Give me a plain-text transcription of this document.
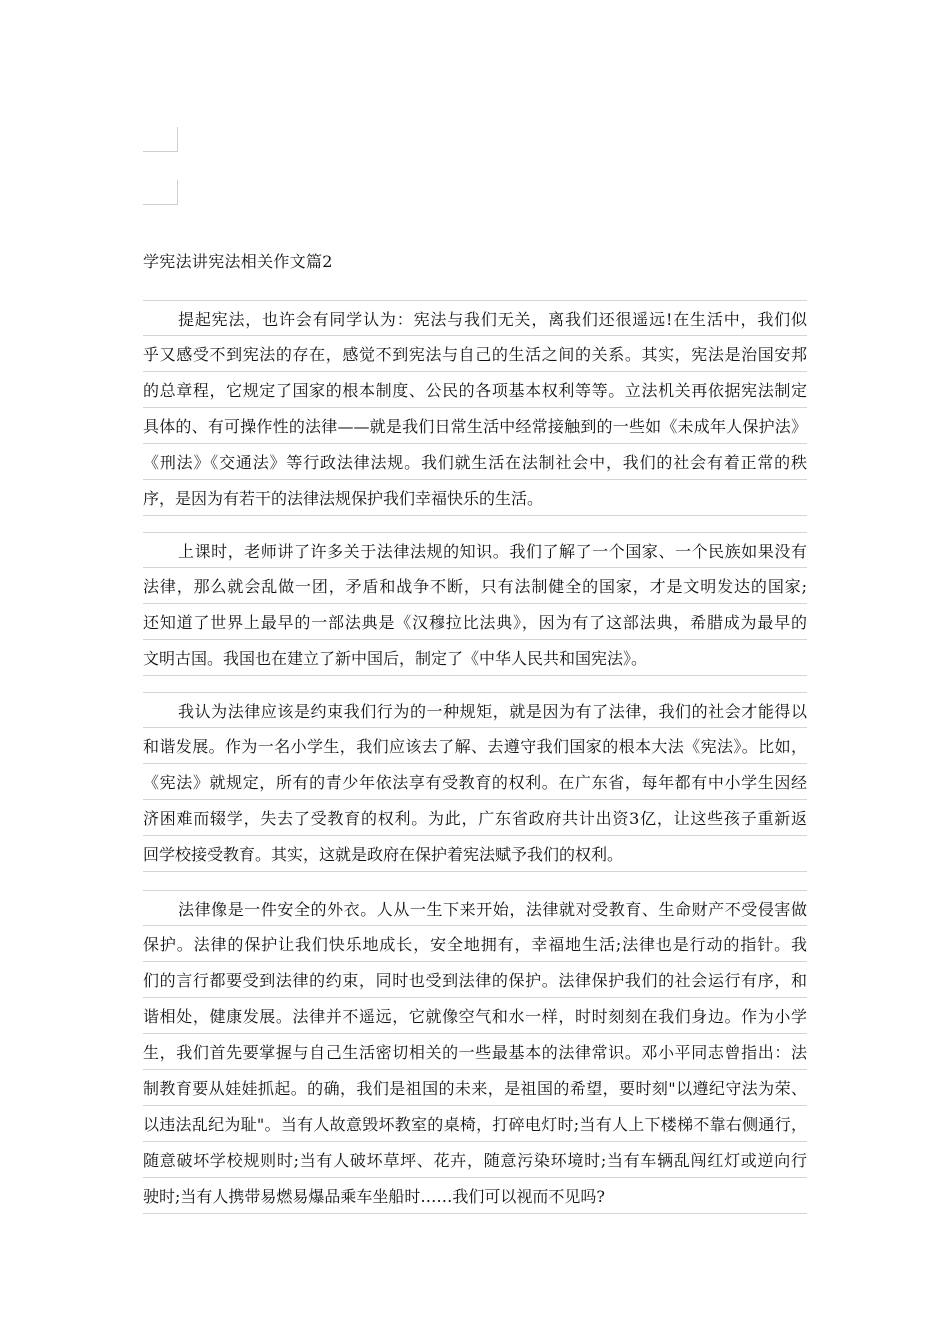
学宪法讲宪法相关作文篇2
提起宪法，也许会有同学认为：宪法与我们无关，离我们还很遥远!在生活中，我们似
乎又感受不到宪法的存在，感觉不到宪法与自己的生活之间的关系。其实，宪法是治国安邦
的总章程，它规定了国家的根本制度、公民的各项基本权利等等。立法机关再依据宪法制定
具体的、有可操作性的法律——就是我们日常生活中经常接触到的一些如《未成年人保护法》
《刑法》《交通法》等行政法律法规。我们就生活在法制社会中，我们的社会有着正常的秩
序，是因为有若干的法律法规保护我们幸福快乐的生活。
上课时，老师讲了许多关于法律法规的知识。我们了解了一个国家、一个民族如果没有
法律，那么就会乱做一团，矛盾和战争不断，只有法制健全的国家，才是文明发达的国家;
还知道了世界上最早的一部法典是《汉穆拉比法典》，因为有了这部法典，希腊成为最早的
文明古国。我国也在建立了新中国后，制定了《中华人民共和国宪法》。
我认为法律应该是约束我们行为的一种规矩，就是因为有了法律，我们的社会才能得以
和谐发展。作为一名小学生，我们应该去了解、去遵守我们国家的根本大法《宪法》。比如，
《宪法》就规定，所有的青少年依法享有受教育的权利。在广东省，每年都有中小学生因经
济困难而辍学，失去了受教育的权利。为此，广东省政府共计出资3亿，让这些孩子重新返
回学校接受教育。其实，这就是政府在保护着宪法赋予我们的权利。
法律像是一件安全的外衣。人从一生下来开始，法律就对受教育、生命财产不受侵害做
保护。法律的保护让我们快乐地成长，安全地拥有，幸福地生活;法律也是行动的指针。我
们的言行都要受到法律的约束，同时也受到法律的保护。法律保护我们的社会运行有序，和
谐相处，健康发展。法律并不遥远，它就像空气和水一样，时时刻刻在我们身边。作为小学
生，我们首先要掌握与自己生活密切相关的一些最基本的法律常识。邓小平同志曾指出：法
制教育要从娃娃抓起。的确，我们是祖国的未来，是祖国的希望，要时刻"以遵纪守法为荣、
以违法乱纪为耻"。当有人故意毁坏教室的桌椅，打碎电灯时;当有人上下楼梯不靠右侧通行，
随意破坏学校规则时;当有人破坏草坪、花卉，随意污染环境时;当有车辆乱闯红灯或逆向行
驶时;当有人携带易燃易爆品乘车坐船时……我们可以视而不见吗?
